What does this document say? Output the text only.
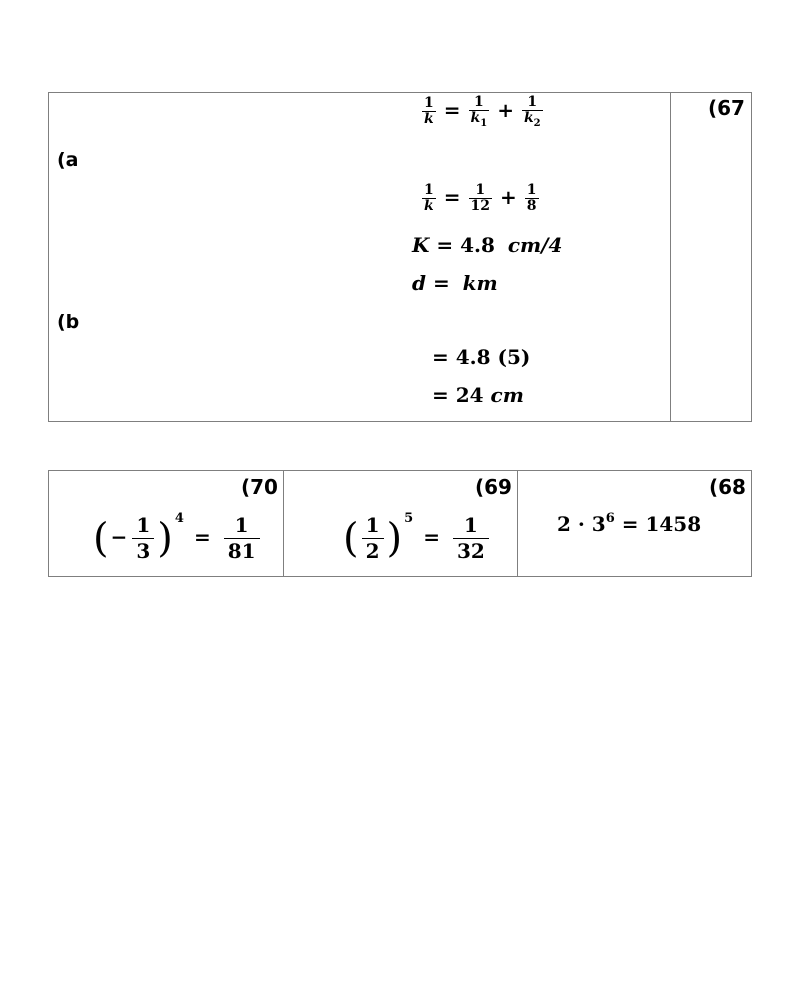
(67
(a
$\frac{1}{k} = \frac{1}{k_1} + \frac{1}{k_2}$
$\frac{1}{k} = \frac{1}{12} + \frac{1}{8}$
K = 4.8 cm/4
d = km
(b
= 4.8 (5)
= 24 cm
(70
( − $\frac{1}{3}$ ) $^4= \frac{1}{81}$
(69
( $\frac{1}{2}$ ) $^5= \frac{1}{32}$
(68
$2 \cdot 3^6 = 1458$
